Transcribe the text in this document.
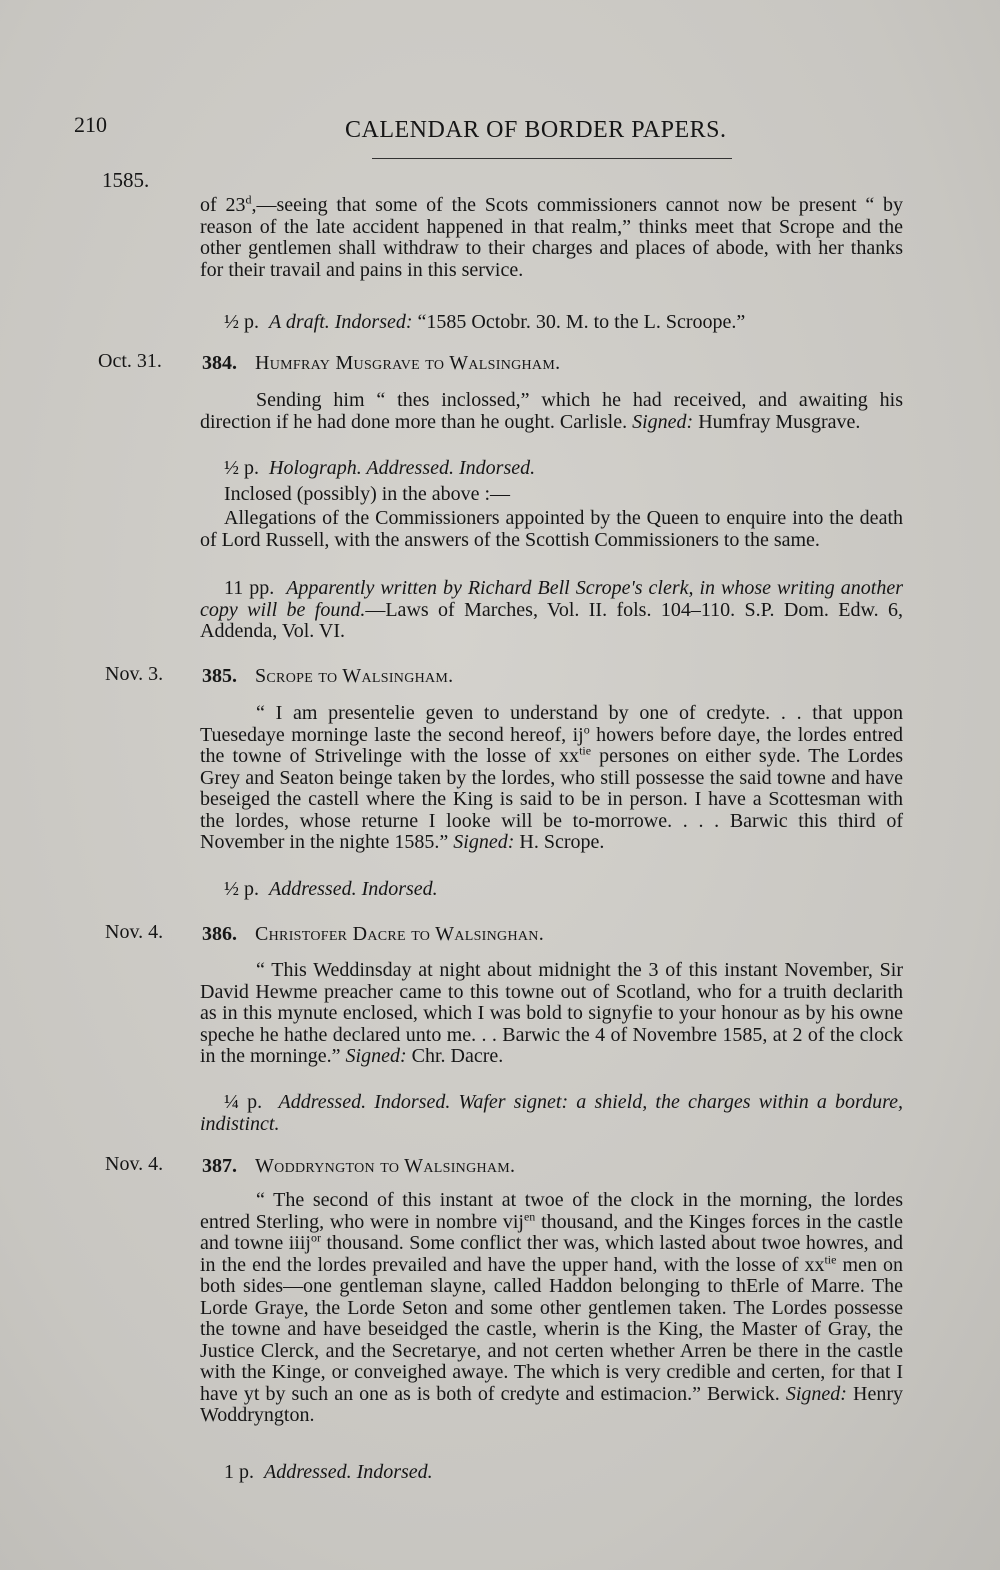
210	CALENDAR OF BORDER PAPERS.
1585.
of 23$^d$,—seeing that some of the Scots commissioners cannot now be present “ by reason of the late accident happened in that realm,” thinks meet that Scrope and the other gentlemen shall withdraw to their charges and places of abode, with her thanks for their travail and pains in this service.
½ p. A draft. Indorsed: “1585 Octobr. 30. M. to the L. Scroope.”
Oct. 31.	384. Humfray Musgrave to Walsingham.
Sending him “ thes inclossed,” which he had received, and awaiting his direction if he had done more than he ought. Carlisle. Signed: Humfray Musgrave.
½ p. Holograph. Addressed. Indorsed.
Inclosed (possibly) in the above :—
Allegations of the Commissioners appointed by the Queen to enquire into the death of Lord Russell, with the answers of the Scottish Commissioners to the same.
11 pp. Apparently written by Richard Bell Scrope's clerk, in whose writing another copy will be found.—Laws of Marches, Vol. II. fols. 104–110. S.P. Dom. Edw. 6, Addenda, Vol. VI.
Nov. 3.	385. Scrope to Walsingham.
“ I am presentelie geven to understand by one of credyte. . . that uppon Tuesedaye morninge laste the second hereof, $ij^o$ howers before daye, the lordes entred the towne of Strivelinge with the losse of $xx^{tie}$ persones on either syde. The Lordes Grey and Seaton beinge taken by the lordes, who still possesse the said towne and have beseiged the castell where the King is said to be in person. I have a Scottesman with the lordes, whose returne I looke will be to-morrowe. . . . Barwic this third of November in the nighte 1585.” Signed: H. Scrope.
½ p. Addressed. Indorsed.
Nov. 4.	386. Christofer Dacre to Walsinghan.
“ This Weddinsday at night about midnight the 3 of this instant November, Sir David Hewme preacher came to this towne out of Scotland, who for a truith declarith as in this mynute enclosed, which I was bold to signyfie to your honour as by his owne speche he hathe declared unto me. . . Barwic the 4 of Novembre 1585, at 2 of the clock in the morninge.” Signed: Chr. Dacre.
¼ p. Addressed. Indorsed. Wafer signet: a shield, the charges within a bordure, indistinct.
Nov. 4.	387. Woddryngton to Walsingham.
“ The second of this instant at twoe of the clock in the morning, the lordes entred Sterling, who were in nombre vij$^{en}$ thousand, and the Kinges forces in the castle and towne iiij$^{or}$ thousand. Some conflict ther was, which lasted about twoe howres, and in the end the lordes prevailed and have the upper hand, with the losse of $xx^{tie}$ men on both sides—one gentleman slayne, called Haddon belonging to thErle of Marre. The Lorde Graye, the Lorde Seton and some other gentlemen taken. The Lordes possesse the towne and have beseidged the castle, wherin is the King, the Master of Gray, the Justice Clerck, and the Secretarye, and not certen whether Arren be there in the castle with the Kinge, or conveighed awaye. The which is very credible and certen, for that I have yt by such an one as is both of credyte and estimacion.” Berwick. Signed: Henry Woddryngton.
1 p. Addressed. Indorsed.
